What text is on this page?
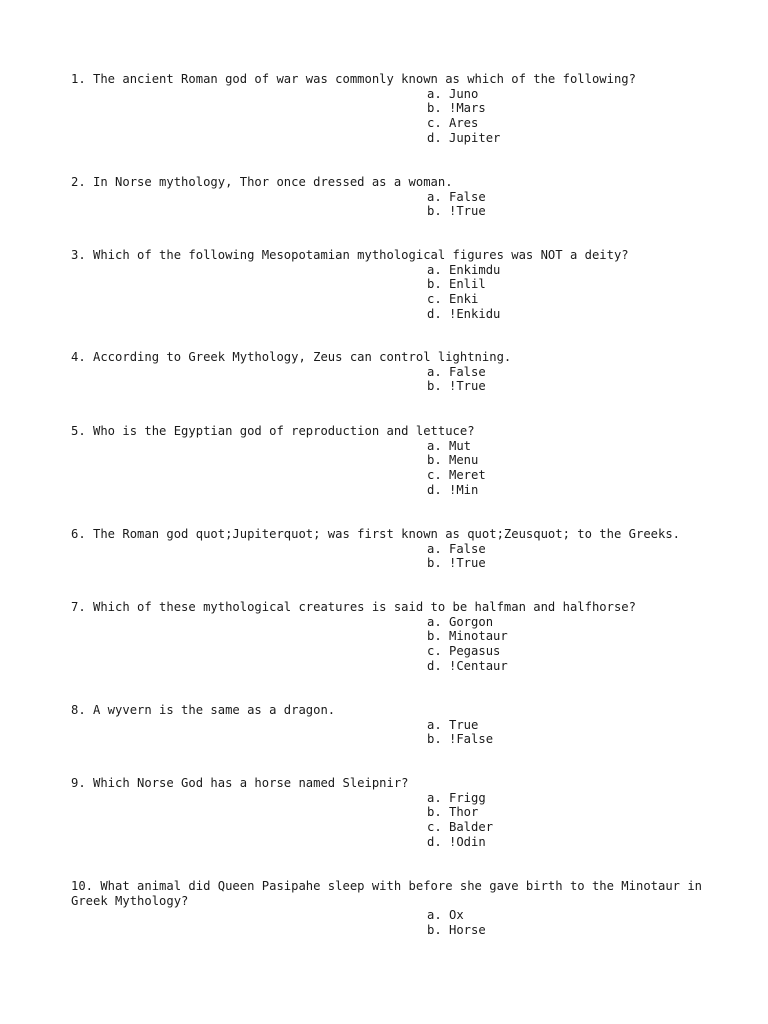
1. The ancient Roman god of war was commonly known as which of the following?

a. Juno
b. !Mars
c. Ares
d. Jupiter

2. In Norse mythology, Thor once dressed as a woman.

a. False
b. !True

3. Which of the following Mesopotamian mythological figures was NOT a deity?

a. Enkimdu
b. Enlil
c. Enki
d. !Enkidu

4. According to Greek Mythology, Zeus can control lightning.

a. False
b. !True

5. Who is the Egyptian god of reproduction and lettuce?

a. Mut
b. Menu
c. Meret
d. !Min

6. The Roman god quot;Jupiterquot; was first known as quot;Zeusquot; to the Greeks.

a. False
b. !True

7. Which of these mythological creatures is said to be halfman and halfhorse?

a. Gorgon
b. Minotaur
c. Pegasus
d. !Centaur

8. A wyvern is the same as a dragon.

a. True
b. !False

9. Which Norse God has a horse named Sleipnir?

a. Frigg
b. Thor
c. Balder
d. !Odin

10. What animal did Queen Pasipahe sleep with before she gave birth to the Minotaur in Greek Mythology?

a. Ox
b. Horse
